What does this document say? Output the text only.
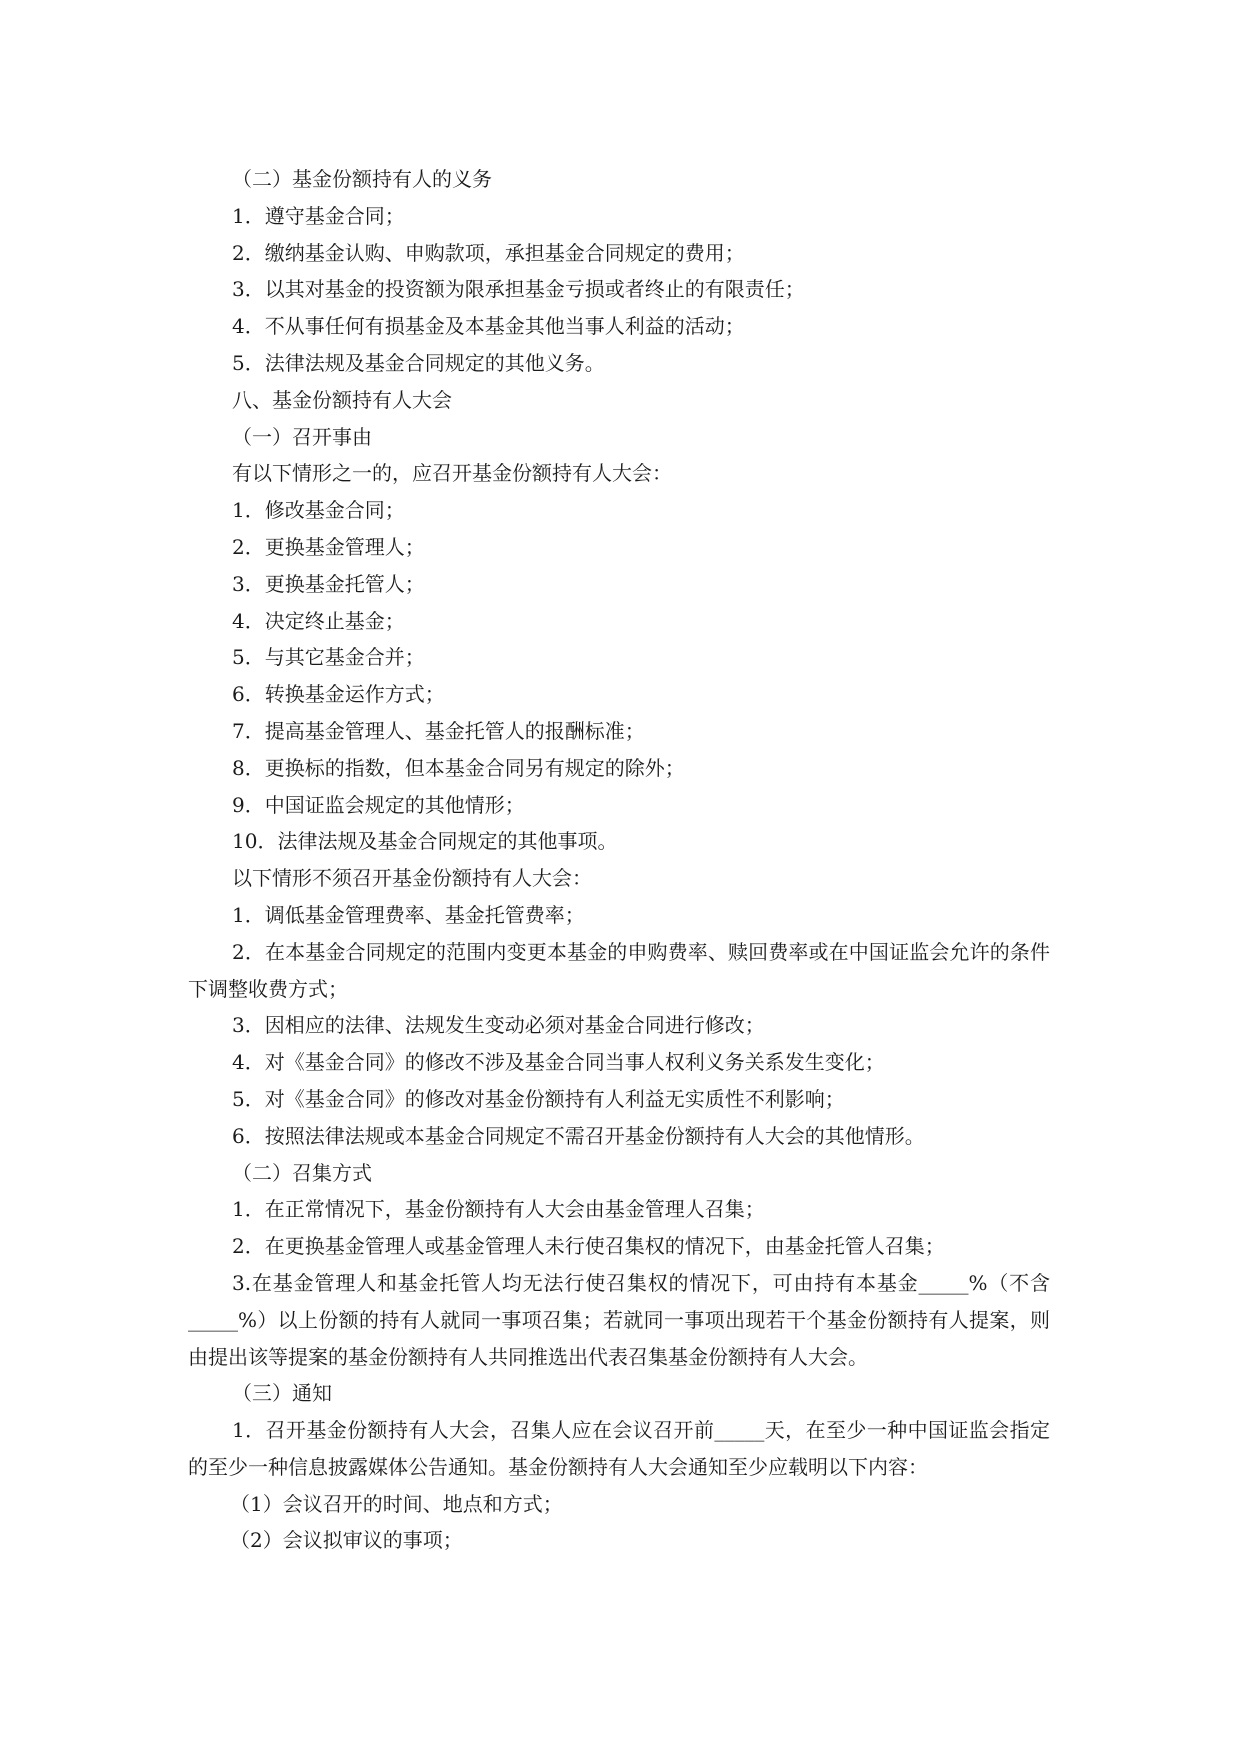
（二）基金份额持有人的义务

1．遵守基金合同；

2．缴纳基金认购、申购款项，承担基金合同规定的费用；

3．以其对基金的投资额为限承担基金亏损或者终止的有限责任；

4．不从事任何有损基金及本基金其他当事人利益的活动；

5．法律法规及基金合同规定的其他义务。

八、基金份额持有人大会

（一）召开事由

有以下情形之一的，应召开基金份额持有人大会：

1．修改基金合同；

2．更换基金管理人；

3．更换基金托管人；

4．决定终止基金；

5．与其它基金合并；

6．转换基金运作方式；

7．提高基金管理人、基金托管人的报酬标准；

8．更换标的指数，但本基金合同另有规定的除外；

9．中国证监会规定的其他情形；

10．法律法规及基金合同规定的其他事项。

以下情形不须召开基金份额持有人大会：

1．调低基金管理费率、基金托管费率；

2．在本基金合同规定的范围内变更本基金的申购费率、赎回费率或在中国证监会允许的条件下调整收费方式；

3．因相应的法律、法规发生变动必须对基金合同进行修改；

4．对《基金合同》的修改不涉及基金合同当事人权利义务关系发生变化；

5．对《基金合同》的修改对基金份额持有人利益无实质性不利影响；

6．按照法律法规或本基金合同规定不需召开基金份额持有人大会的其他情形。

（二）召集方式

1．在正常情况下，基金份额持有人大会由基金管理人召集；

2．在更换基金管理人或基金管理人未行使召集权的情况下，由基金托管人召集；

3.在基金管理人和基金托管人均无法行使召集权的情况下，可由持有本基金_____%（不含_____%）以上份额的持有人就同一事项召集；若就同一事项出现若干个基金份额持有人提案，则由提出该等提案的基金份额持有人共同推选出代表召集基金份额持有人大会。

（三）通知

1．召开基金份额持有人大会，召集人应在会议召开前_____天，在至少一种中国证监会指定的至少一种信息披露媒体公告通知。基金份额持有人大会通知至少应载明以下内容：

（1）会议召开的时间、地点和方式；

（2）会议拟审议的事项；
